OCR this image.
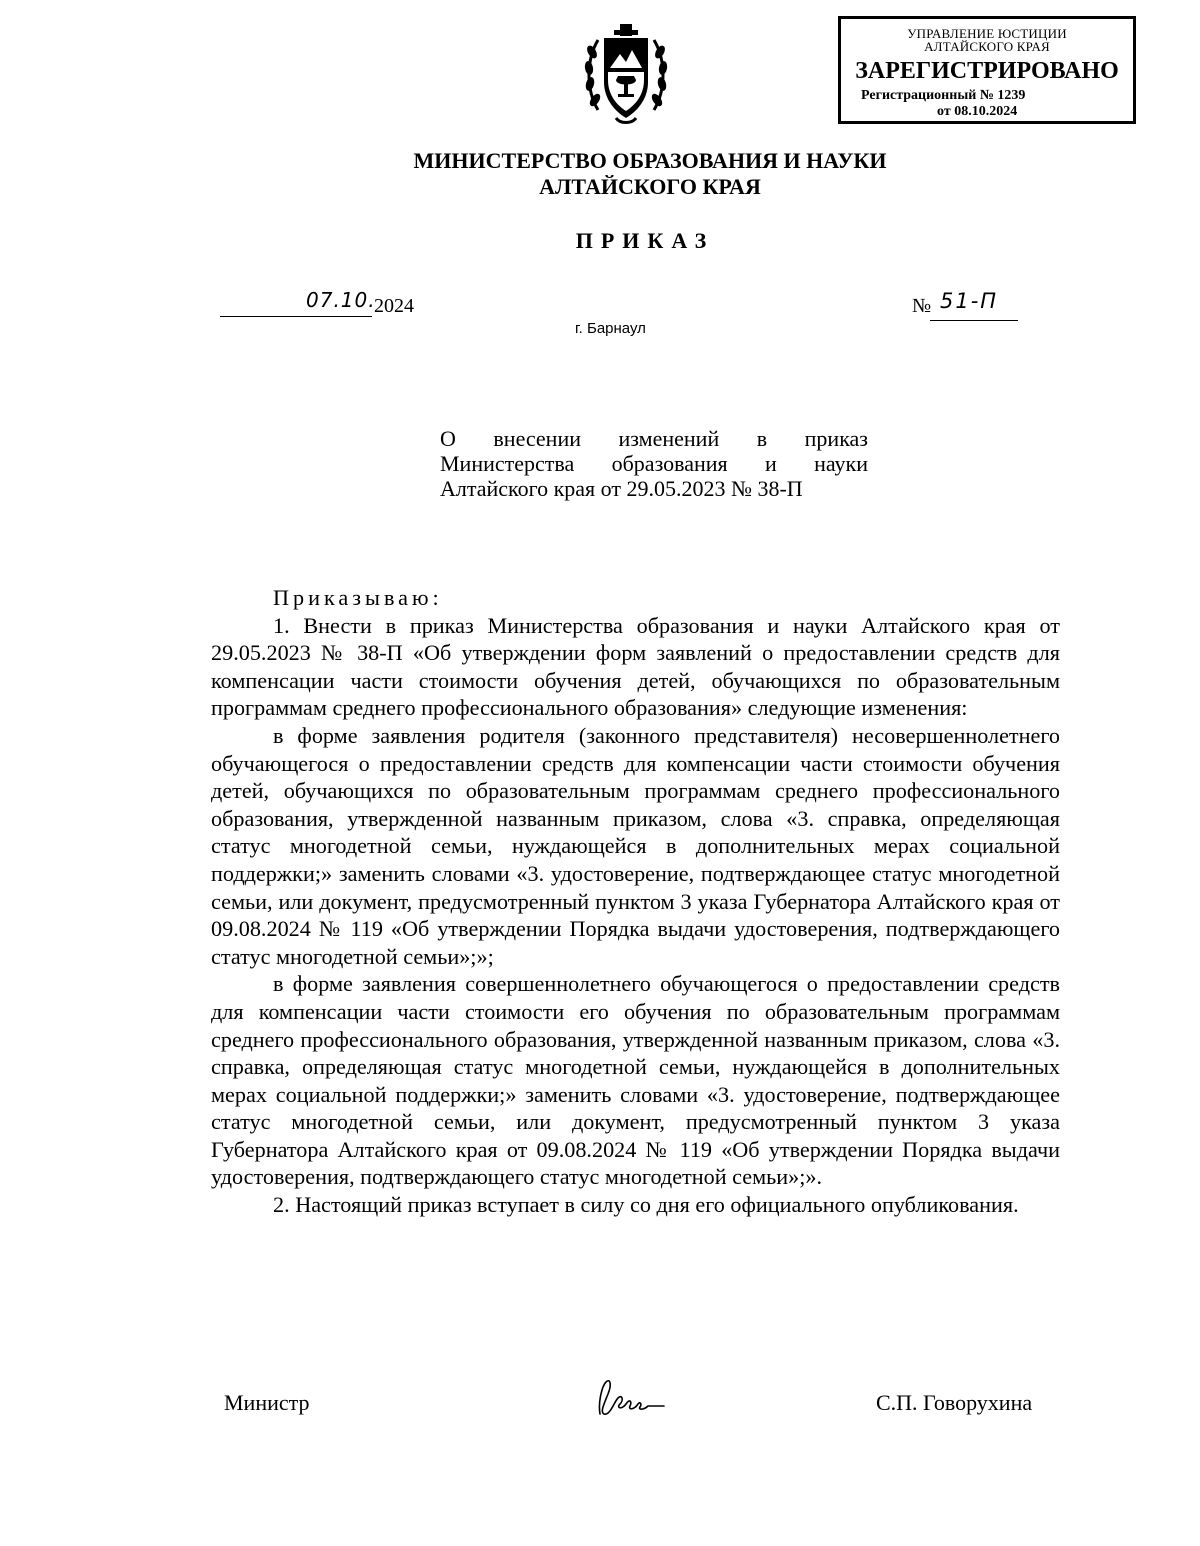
УПРАВЛЕНИЕ ЮСТИЦИИ
АЛТАЙСКОГО КРАЯ
ЗАРЕГИСТРИРОВАНО
Регистрационный № 1239
от 08.10.2024
МИНИСТЕРСТВО ОБРАЗОВАНИЯ И НАУКИ
АЛТАЙСКОГО КРАЯ
ПРИКАЗ
07.10.
2024	№ 51-П
г. Барнаул
О внесении изменений в приказ Министерства образования и науки Алтайского края от 29.05.2023 № 38-П

Приказываю:

1. Внести в приказ Министерства образования и науки Алтайского края от 29.05.2023 № 38-П «Об утверждении форм заявлений о предоставлении средств для компенсации части стоимости обучения детей, обучающихся по образовательным программам среднего профессионального образования» следующие изменения:

в форме заявления родителя (законного представителя) несовершеннолетнего обучающегося о предоставлении средств для компенсации части стоимости обучения детей, обучающихся по образовательным программам среднего профессионального образования, утвержденной названным приказом, слова «3. справка, определяющая статус многодетной семьи, нуждающейся в дополнительных мерах социальной поддержки;» заменить словами «3. удостоверение, подтверждающее статус многодетной семьи, или документ, предусмотренный пунктом 3 указа Губернатора Алтайского края от 09.08.2024 № 119 «Об утверждении Порядка выдачи удостоверения, подтверждающего статус многодетной семьи»;»;

в форме заявления совершеннолетнего обучающегося о предоставлении средств для компенсации части стоимости его обучения по образовательным программам среднего профессионального образования, утвержденной названным приказом, слова «3. справка, определяющая статус многодетной семьи, нуждающейся в дополнительных мерах социальной поддержки;» заменить словами «3. удостоверение, подтверждающее статус многодетной семьи, или документ, предусмотренный пунктом 3 указа Губернатора Алтайского края от 09.08.2024 № 119 «Об утверждении Порядка выдачи удостоверения, подтверждающего статус многодетной семьи»;».

2. Настоящий приказ вступает в силу со дня его официального опубликования.

Министр	С.П. Говорухина
